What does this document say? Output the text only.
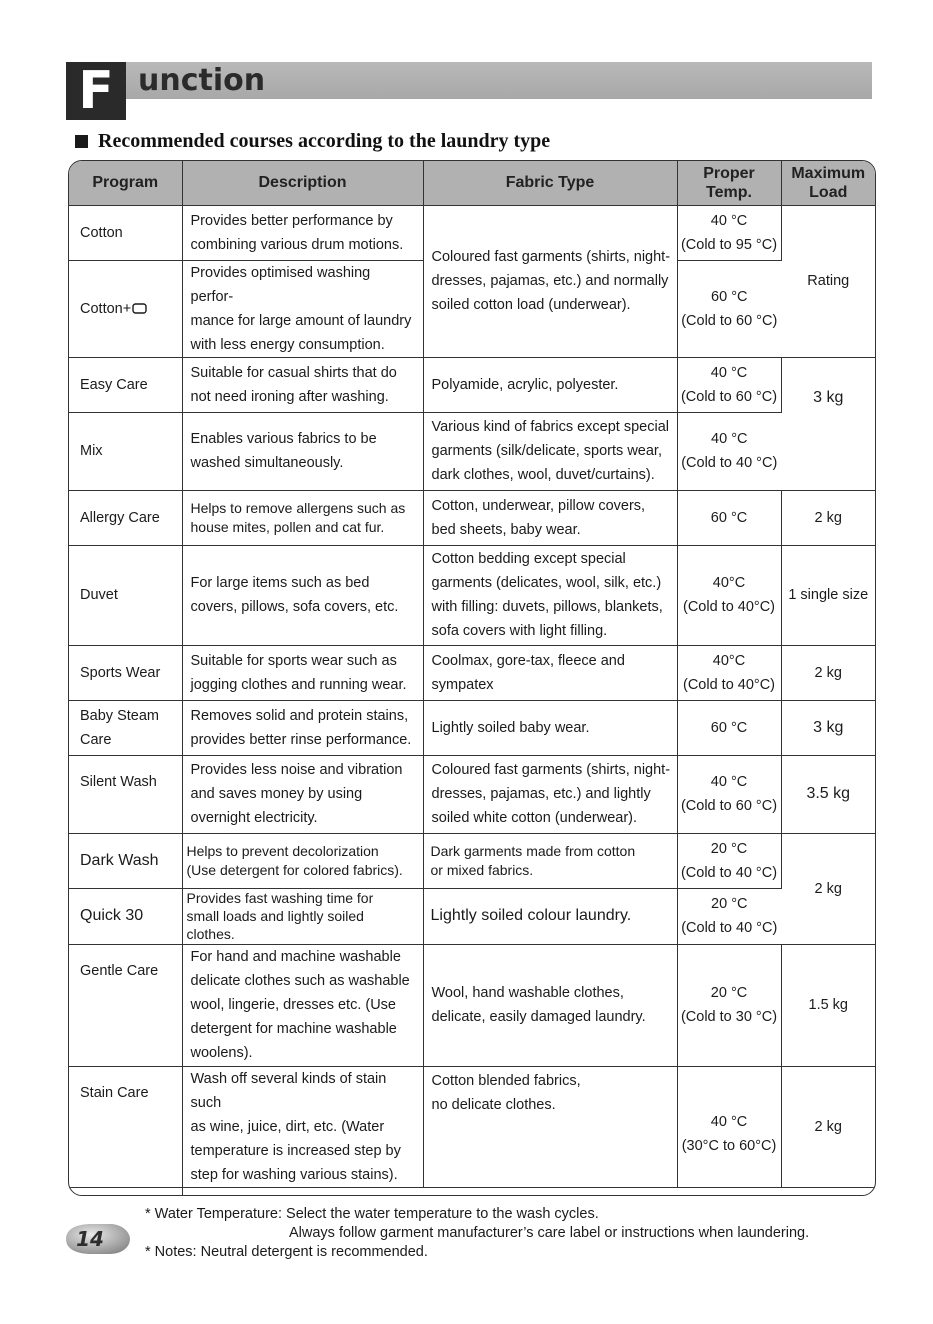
F unction
Recommended courses according to the laundry type
Program	Description	Fabric Type	Proper Temp.	Maximum
Load

Cotton	Provides better performance by
combining various drum motions.	Coloured fast garments (shirts, night-
dresses, pajamas, etc.) and normally
soiled cotton load (underwear).	40 °C
(Cold to 95 °C)	Rating
Cotton+	Provides optimised washing perfor-
mance for large amount of laundry
with less energy consumption.		60 °C
(Cold to 60 °C)	

Easy Care	Suitable for casual shirts that do
not need ironing after washing.	Polyamide, acrylic, polyester.	40 °C
(Cold to 60 °C)	3 kg
Mix	Enables various fabrics to be
washed simultaneously.	Various kind of fabrics except special
garments (silk/delicate, sports wear,
dark clothes, wool, duvet/curtains).	40 °C
(Cold to 40 °C)	

Allergy Care	Helps to remove allergens such as
house mites, pollen and cat fur.	Cotton, underwear, pillow covers,
bed sheets, baby wear.	60 °C	2 kg
Duvet	For large items such as bed
covers, pillows, sofa covers, etc.	Cotton bedding except special
garments (delicates, wool, silk, etc.)
with filling: duvets, pillows, blankets,
sofa covers with light filling.	40°C
(Cold to 40°C)	1 single size
Sports Wear	Suitable for sports wear such as
jogging clothes and running wear.	Coolmax, gore-tax, fleece and
sympatex	40°C
(Cold to 40°C)	2 kg

Baby Steam
Care	Removes solid and protein stains,
provides better rinse performance.	Lightly soiled baby wear.	60 °C	3 kg
Silent Wash	Provides less noise and vibration
and saves money by using
overnight electricity.	Coloured fast garments (shirts, night-
dresses, pajamas, etc.) and lightly
soiled white cotton (underwear).	40 °C
(Cold to 60 °C)	3.5 kg
Dark Wash	Helps to prevent decolorization
(Use detergent for colored fabrics).	Dark garments made from cotton
or mixed fabrics.	20 °C
(Cold to 40 °C)	2 kg
Quick 30	Provides fast washing time for
small loads and lightly soiled
clothes.	Lightly soiled colour laundry.	20 °C
(Cold to 40 °C)	

Gentle Care	For hand and machine washable
delicate clothes such as washable
wool, lingerie, dresses etc. (Use
detergent for machine washable
woolens).	Wool, hand washable clothes,
delicate, easily damaged laundry.	20 °C
(Cold to 30 °C)	1.5 kg
Stain Care	Wash off several kinds of stain such
as wine, juice, dirt, etc. (Water
temperature is increased step by
step for washing various stains).	Cotton blended fabrics,
no delicate clothes.	40 °C
(30°C to 60°C)	2 kg

14
* Water Temperature: Select the water temperature to the wash cycles.
Always follow garment manufacturer’s care label or instructions when laundering.
* Notes: Neutral detergent is recommended.
